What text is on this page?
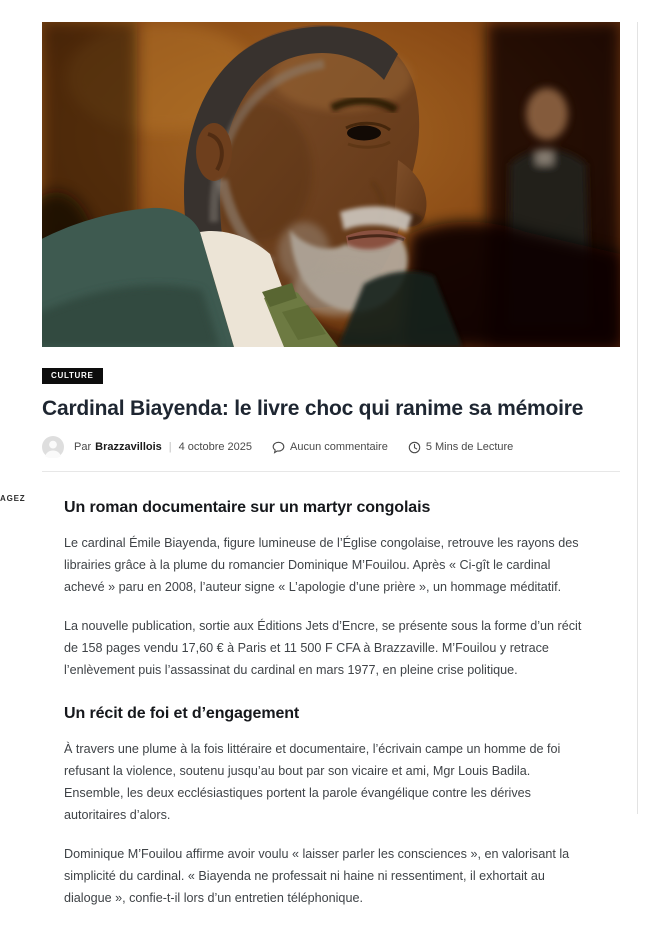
AGEZ
CULTURE
Cardinal Biayenda: le livre choc qui ranime sa mémoire
Par Brazzavillois | 4 octobre 2025	Aucun commentaire	5 Mins de Lecture
Un roman documentaire sur un martyr congolais

Le cardinal Émile Biayenda, figure lumineuse de l’Église congolaise, retrouve les rayons des librairies grâce à la plume du romancier Dominique M’Fouilou. Après « Ci-gît le cardinal achevé » paru en 2008, l’auteur signe « L’apologie d’une prière », un hommage méditatif.

La nouvelle publication, sortie aux Éditions Jets d’Encre, se présente sous la forme d’un récit de 158 pages vendu 17,60 € à Paris et 11 500 F CFA à Brazzaville. M’Fouilou y retrace l’enlèvement puis l’assassinat du cardinal en mars 1977, en pleine crise politique.

Un récit de foi et d’engagement

À travers une plume à la fois littéraire et documentaire, l’écrivain campe un homme de foi refusant la violence, soutenu jusqu’au bout par son vicaire et ami, Mgr Louis Badila. Ensemble, les deux ecclésiastiques portent la parole évangélique contre les dérives autoritaires d’alors.

Dominique M’Fouilou affirme avoir voulu « laisser parler les consciences », en valorisant la simplicité du cardinal. « Biayenda ne professait ni haine ni ressentiment, il exhortait au dialogue », confie-t-il lors d’un entretien téléphonique.
